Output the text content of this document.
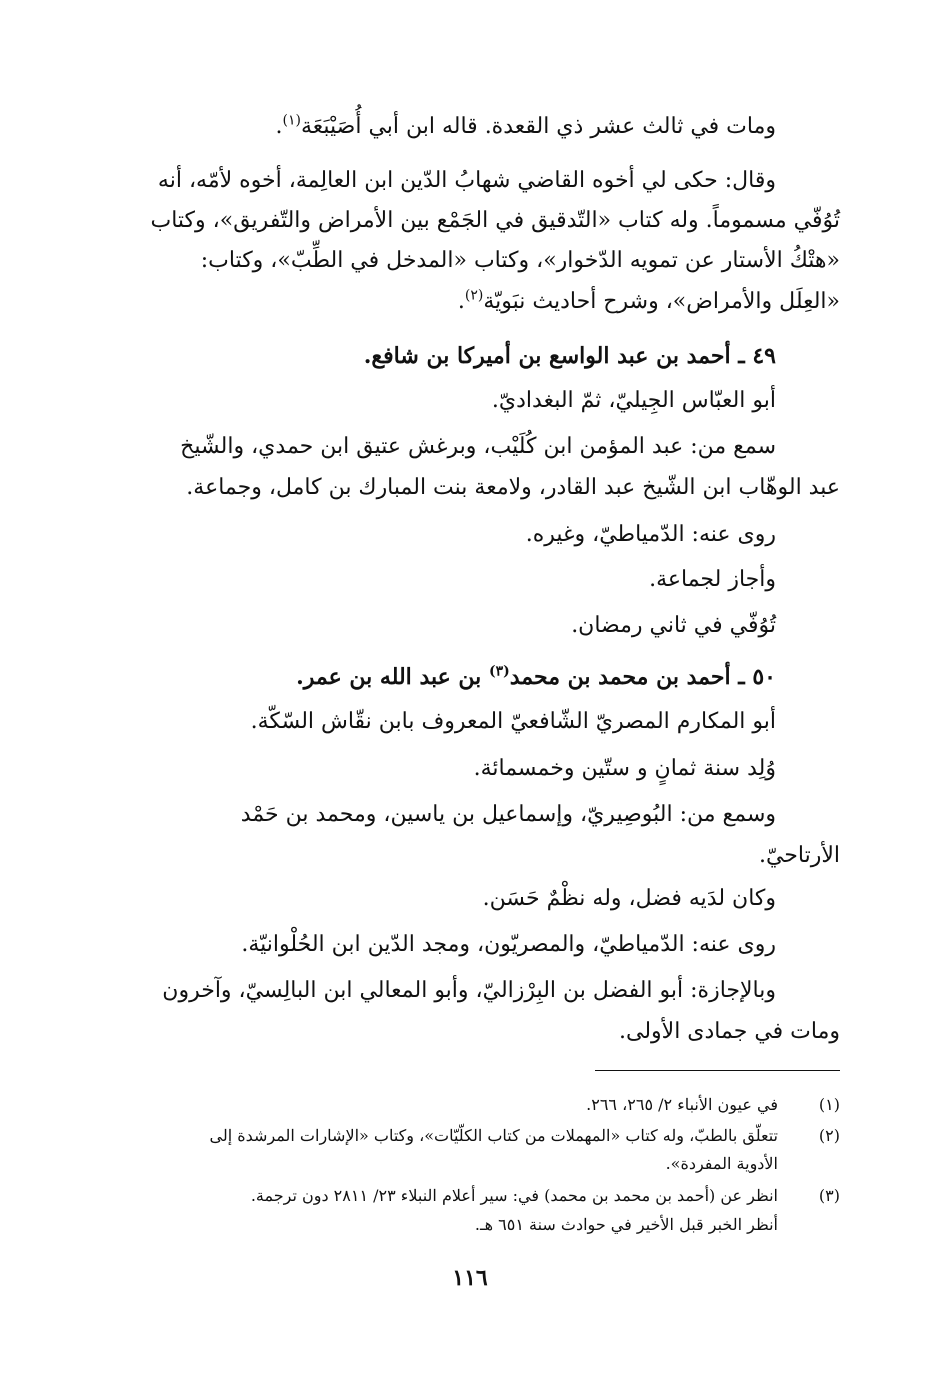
ومات في ثالث عشر ذي القعدة. قاله ابن أبي أُصَيْبَعَة$^{(١)}$.

وقال: حكى لي أخوه القاضي شهابُ الدّين ابن العالِمة، أخوه لأمّه، أنه

تُوُفّي مسموماً. وله كتاب «التّدقيق في الجَمْع بين الأمراض والتّفريق»، وكتاب

«هتْكُ الأستار عن تمويه الدّخوار»، وكتاب «المدخل في الطِّبّ»، وكتاب:

«العِلَل والأمراض»، وشرح أحاديث نبَويّة$^{(٢)}$.

٤٩ ـ أحمد بن عبد الواسع بن أميركا بن شافع.

أبو العبّاس الجِيليّ، ثمّ البغداديّ.

سمع من: عبد المؤمن ابن كُلَيْب، وبرغش عتيق ابن حمدي، والشّيخ

عبد الوهّاب ابن الشّيخ عبد القادر، ولامعة بنت المبارك بن كامل، وجماعة.

روى عنه: الدّمياطيّ، وغيره.

وأجاز لجماعة.

تُوُفّي في ثاني رمضان.

٥٠ ـ أحمد بن محمد بن محمد$^{(٣)}$ بن عبد الله بن عمر.

أبو المكارم المصريّ الشّافعيّ المعروف بابن نقّاش السّكّة.

وُلِد سنة ثمانٍ و ستّين وخمسمائة.

وسمع من: البُوصِيريّ، وإسماعيل بن ياسين، ومحمد بن حَمْد

الأرتاحيّ.

وكان لدَيه فضل، وله نظْمٌ حَسَن.

روى عنه: الدّمياطيّ، والمصريّون، ومجد الدّين ابن الحُلْوانيّة.

وبالإجازة: أبو الفضل بن البِرْزاليّ، وأبو المعالي ابن البالِسيّ، وآخرون

ومات في جمادى الأولى.

(١)في عيون الأنباء ٢/ ٢٦٥، ٢٦٦.

(٢)تتعلّق بالطبّ، وله كتاب «المهملات من كتاب الكلّيّات»، وكتاب «الإشارات المرشدة إلى

الأدوية المفردة».

(٣)انظر عن (أحمد بن محمد بن محمد) في: سير أعلام النبلاء ٢٣/ ٢٨١١ دون ترجمة.

أنظر الخبر قبل الأخير في حوادث سنة ٦٥١ هـ.

١١٦
